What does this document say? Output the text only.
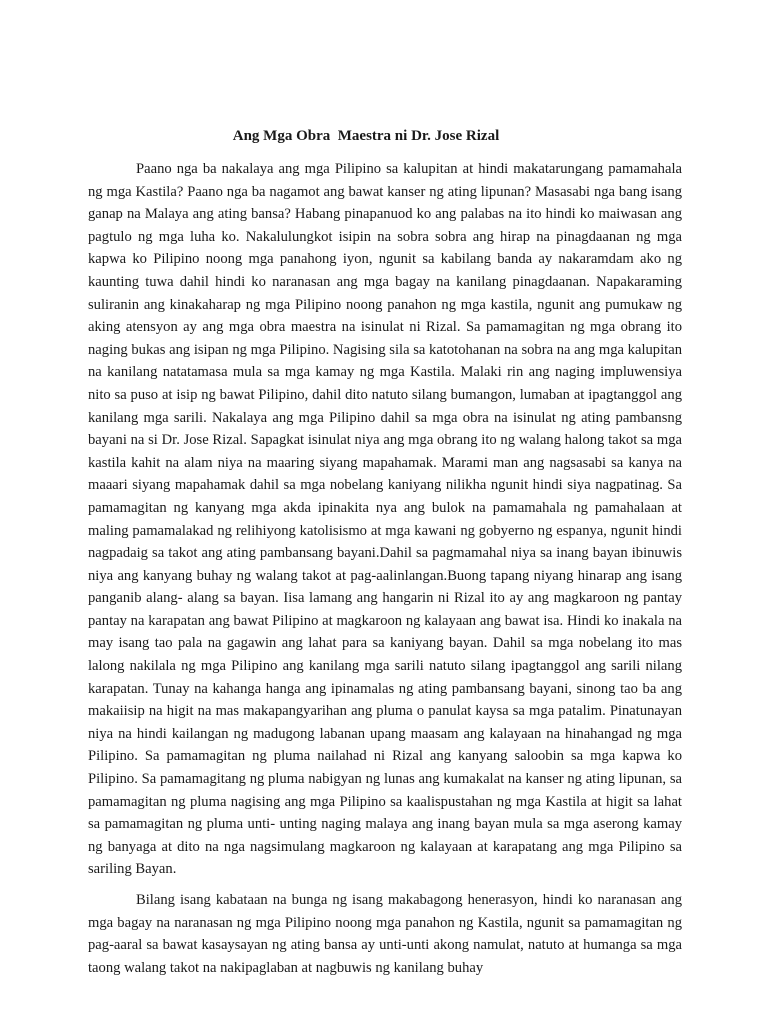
Ang Mga Obra  Maestra ni Dr. Jose Rizal

Paano nga ba nakalaya ang mga Pilipino sa kalupitan at hindi makatarungang pamamahala ng mga Kastila? Paano nga ba nagamot ang bawat kanser ng ating lipunan? Masasabi nga bang isang ganap na Malaya ang ating bansa? Habang pinapanuod ko ang palabas na ito hindi ko maiwasan ang pagtulo ng mga luha ko. Nakalulungkot isipin na sobra sobra ang hirap na pinagdaanan ng mga kapwa ko Pilipino noong mga panahong iyon, ngunit sa kabilang banda ay nakaramdam ako ng kaunting tuwa dahil hindi ko naranasan ang mga bagay na kanilang pinagdaanan. Napakaraming suliranin ang kinakaharap ng mga Pilipino noong panahon ng mga kastila, ngunit ang pumukaw ng aking atensyon ay ang mga obra maestra na isinulat ni Rizal. Sa pamamagitan ng mga obrang ito naging bukas ang isipan ng mga Pilipino. Nagising sila sa katotohanan na sobra na ang mga kalupitan na kanilang natatamasa mula sa mga kamay ng mga Kastila. Malaki rin ang naging impluwensiya nito sa puso at isip ng bawat Pilipino, dahil dito natuto silang bumangon, lumaban at ipagtanggol ang kanilang mga sarili. Nakalaya ang mga Pilipino dahil sa mga obra na isinulat ng ating pambansng bayani na si Dr. Jose Rizal. Sapagkat isinulat niya ang mga obrang ito ng walang halong takot sa mga kastila kahit na alam niya na maaring siyang mapahamak. Marami man ang nagsasabi sa kanya na maaari siyang mapahamak dahil sa mga nobelang kaniyang nilikha ngunit hindi siya nagpatinag. Sa pamamagitan ng kanyang mga akda ipinakita nya ang bulok na pamamahala ng pamahalaan at maling pamamalakad ng relihiyong katolisismo at mga kawani ng gobyerno ng espanya, ngunit hindi nagpadaig sa takot ang ating pambansang bayani.Dahil sa pagmamahal niya sa inang bayan ibinuwis niya ang kanyang buhay ng walang takot at pag-aalinlangan.Buong tapang niyang hinarap ang isang panganib alang- alang sa bayan. Iisa lamang ang hangarin ni Rizal ito ay ang magkaroon ng pantay pantay na karapatan ang bawat Pilipino at magkaroon ng kalayaan ang bawat isa. Hindi ko inakala na may isang tao pala na gagawin ang lahat para sa kaniyang bayan. Dahil sa mga nobelang ito mas lalong nakilala ng mga Pilipino ang kanilang mga sarili natuto silang ipagtanggol ang sarili nilang karapatan. Tunay na kahanga hanga ang ipinamalas ng ating pambansang bayani, sinong tao ba ang makaiisip na higit na mas makapangyarihan ang pluma o panulat kaysa sa mga patalim. Pinatunayan niya na hindi kailangan ng madugong labanan upang maasam ang kalayaan na hinahangad ng mga Pilipino. Sa pamamagitan ng pluma nailahad ni Rizal ang kanyang saloobin sa mga kapwa ko Pilipino. Sa pamamagitang ng pluma nabigyan ng lunas ang kumakalat na kanser ng ating lipunan, sa pamamagitan ng pluma nagising ang mga Pilipino sa kaalispustahan ng mga Kastila at higit sa lahat sa pamamagitan ng pluma unti- unting naging malaya ang inang bayan mula sa mga aserong kamay ng banyaga at dito na nga nagsimulang magkaroon ng kalayaan at karapatang ang mga Pilipino sa sariling Bayan.

Bilang isang kabataan na bunga ng isang makabagong henerasyon, hindi ko naranasan ang mga bagay na naranasan ng mga Pilipino noong mga panahon ng Kastila, ngunit sa pamamagitan ng pag-aaral sa bawat kasaysayan ng ating bansa ay unti-unti akong namulat, natuto at humanga sa mga taong walang takot na nakipaglaban at nagbuwis ng kanilang buhay
